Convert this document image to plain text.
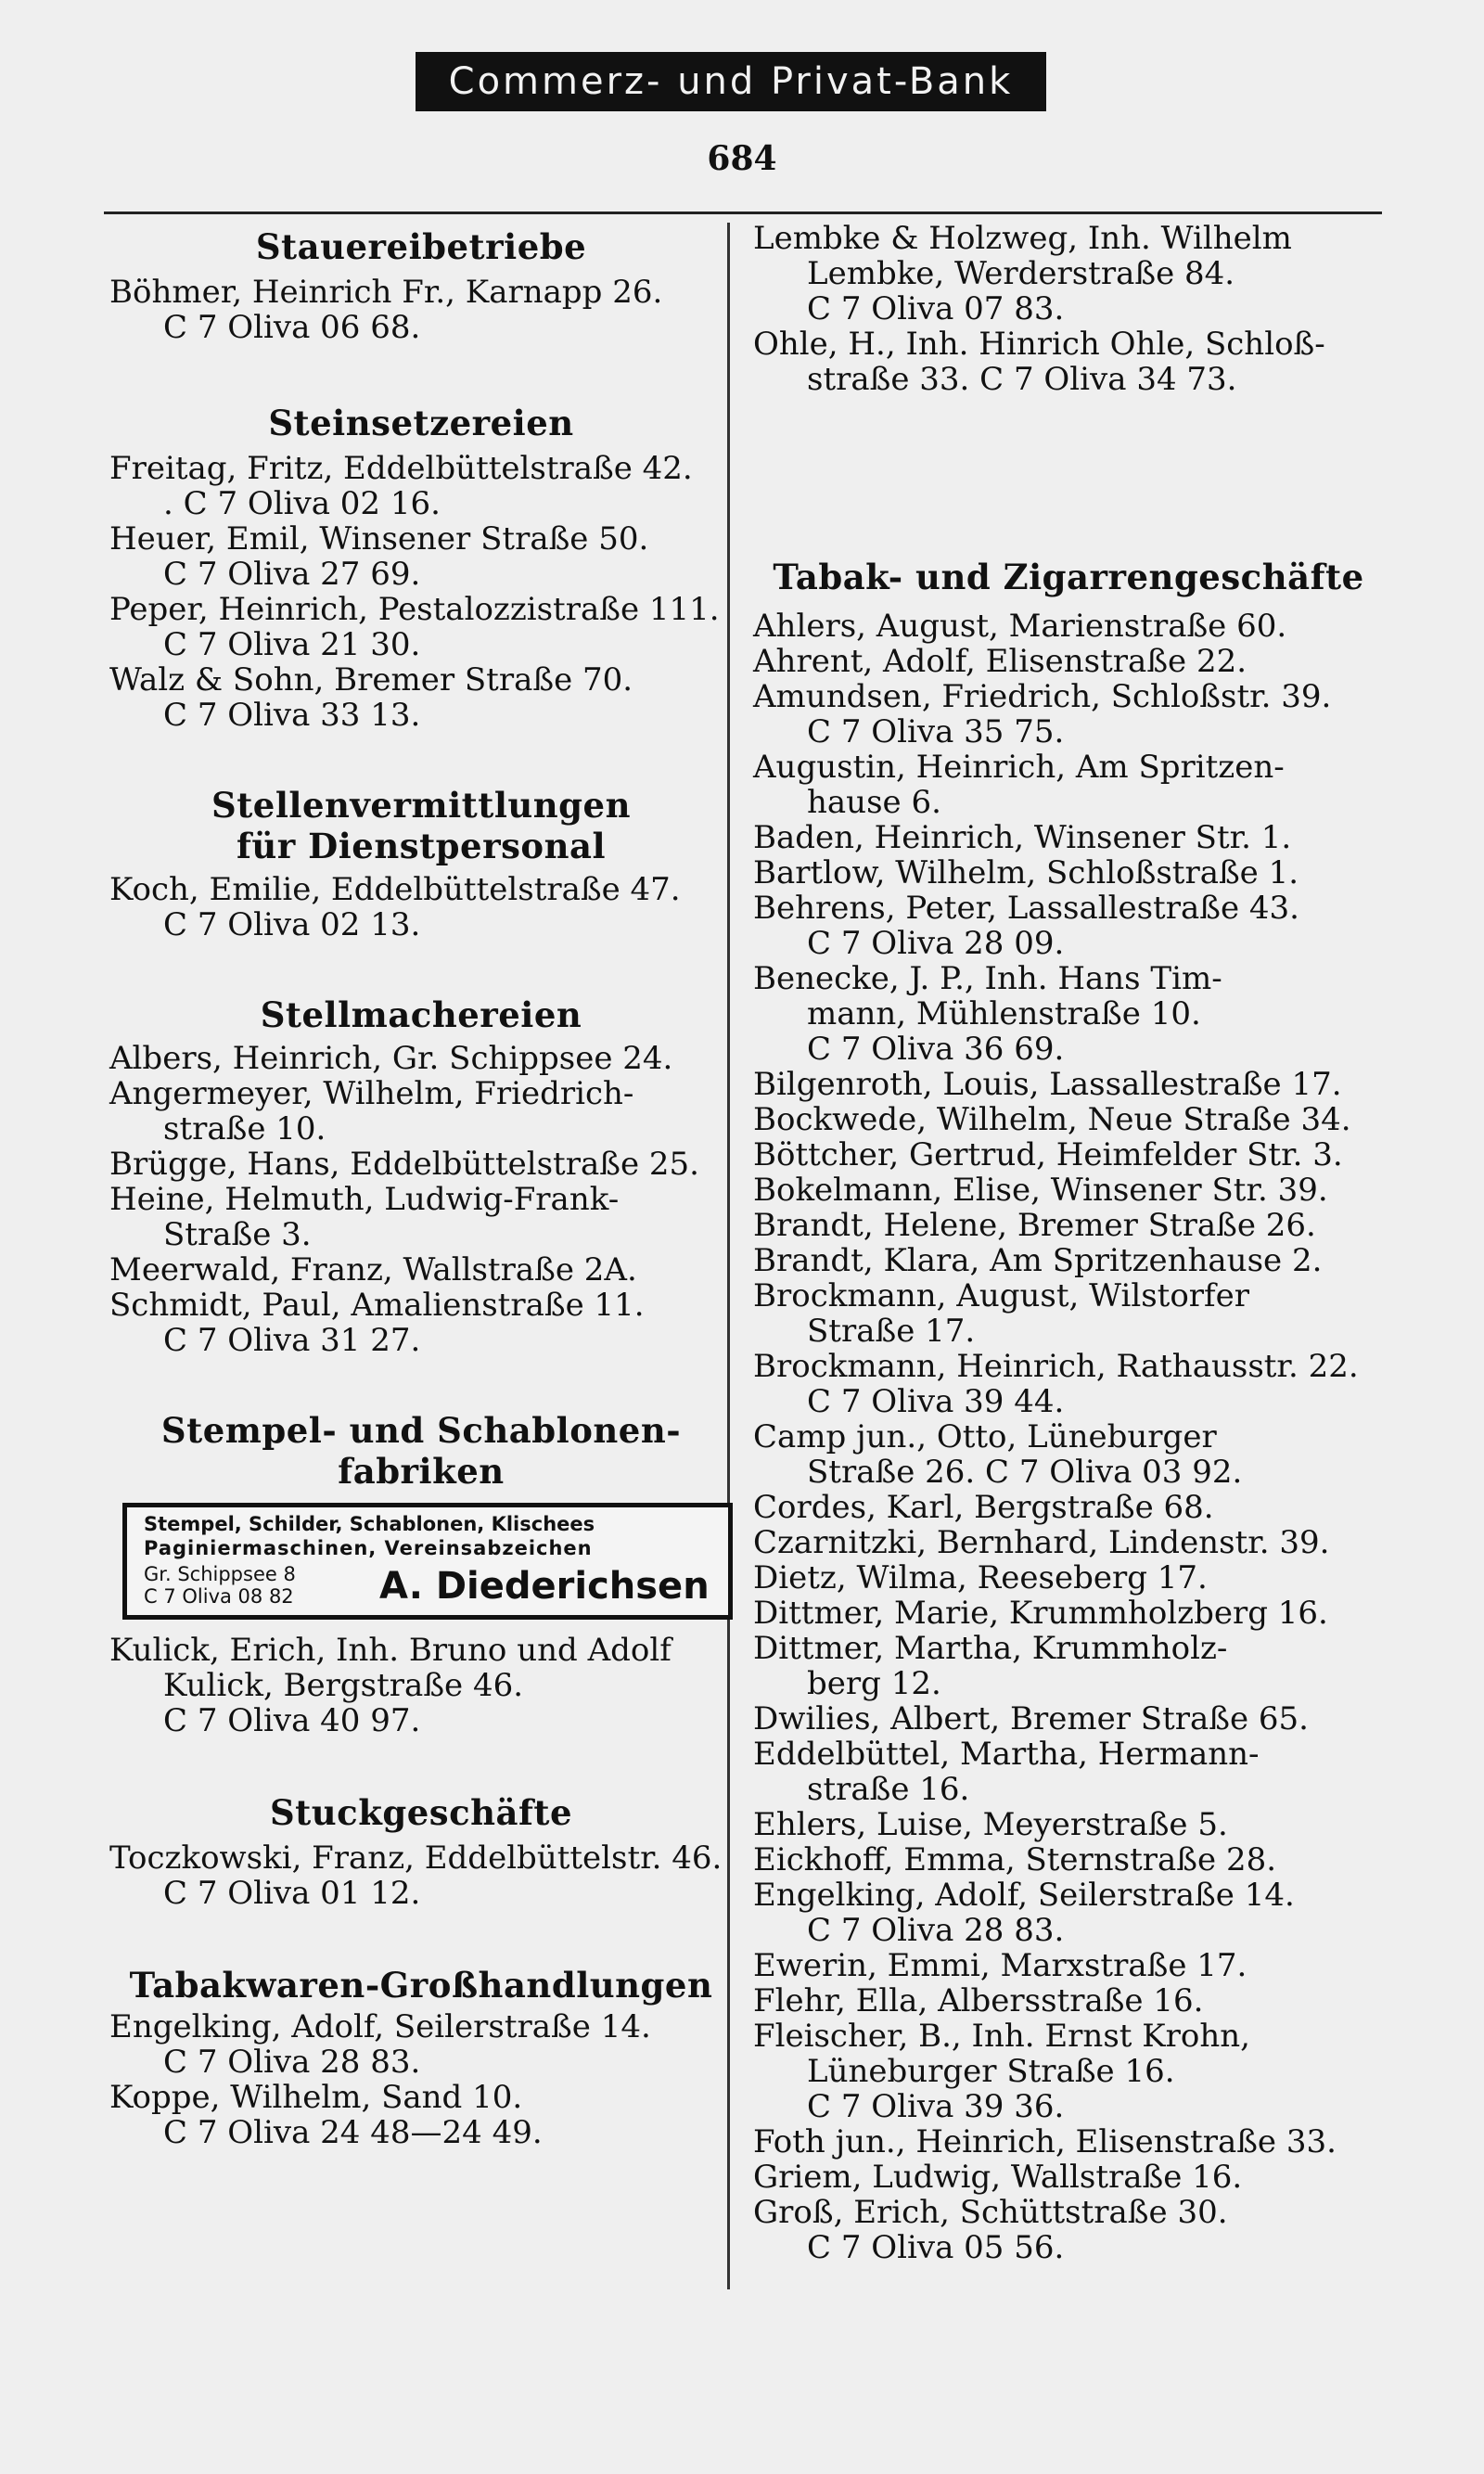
Commerz- und Privat-Bank
684
Stauereibetriebe
Böhmer, Heinrich Fr., Karnapp 26.
C 7 Oliva 06 68.
Steinsetzereien
Freitag, Fritz, Eddelbüttelstraße 42.
. C 7 Oliva 02 16.
Heuer, Emil, Winsener Straße 50.
C 7 Oliva 27 69.
Peper, Heinrich, Pestalozzistraße 111.
C 7 Oliva 21 30.
Walz & Sohn, Bremer Straße 70.
C 7 Oliva 33 13.
Stellenvermittlungen
für Dienstpersonal
Koch, Emilie, Eddelbüttelstraße 47.
C 7 Oliva 02 13.
Stellmachereien
Albers, Heinrich, Gr. Schippsee 24.
Angermeyer, Wilhelm, Friedrich-
straße 10.
Brügge, Hans, Eddelbüttelstraße 25.
Heine, Helmuth, Ludwig-Frank-
Straße 3.
Meerwald, Franz, Wallstraße 2A.
Schmidt, Paul, Amalienstraße 11.
C 7 Oliva 31 27.
Stempel- und Schablonen-
fabriken
Stempel, Schilder, Schablonen, Klischees
Paginiermaschinen, Vereinsabzeichen
Gr. Schippsee 8
C 7 Oliva 08 82 A. Diederichsen
Kulick, Erich, Inh. Bruno und Adolf
Kulick, Bergstraße 46.
C 7 Oliva 40 97.
Stuckgeschäfte
Toczkowski, Franz, Eddelbüttelstr. 46.
C 7 Oliva 01 12.
Tabakwaren-Großhandlungen
Engelking, Adolf, Seilerstraße 14.
C 7 Oliva 28 83.
Koppe, Wilhelm, Sand 10.
C 7 Oliva 24 48—24 49.
Lembke & Holzweg, Inh. Wilhelm
Lembke, Werderstraße 84.
C 7 Oliva 07 83.
Ohle, H., Inh. Hinrich Ohle, Schloß-
straße 33. C 7 Oliva 34 73.
Tabak- und Zigarrengeschäfte
Ahlers, August, Marienstraße 60.
Ahrent, Adolf, Elisenstraße 22.
Amundsen, Friedrich, Schloßstr. 39.
C 7 Oliva 35 75.
Augustin, Heinrich, Am Spritzen-
hause 6.
Baden, Heinrich, Winsener Str. 1.
Bartlow, Wilhelm, Schloßstraße 1.
Behrens, Peter, Lassallestraße 43.
C 7 Oliva 28 09.
Benecke, J. P., Inh. Hans Tim-
mann, Mühlenstraße 10.
C 7 Oliva 36 69.
Bilgenroth, Louis, Lassallestraße 17.
Bockwede, Wilhelm, Neue Straße 34.
Böttcher, Gertrud, Heimfelder Str. 3.
Bokelmann, Elise, Winsener Str. 39.
Brandt, Helene, Bremer Straße 26.
Brandt, Klara, Am Spritzenhause 2.
Brockmann, August, Wilstorfer
Straße 17.
Brockmann, Heinrich, Rathausstr. 22.
C 7 Oliva 39 44.
Camp jun., Otto, Lüneburger
Straße 26. C 7 Oliva 03 92.
Cordes, Karl, Bergstraße 68.
Czarnitzki, Bernhard, Lindenstr. 39.
Dietz, Wilma, Reeseberg 17.
Dittmer, Marie, Krummholzberg 16.
Dittmer, Martha, Krummholz-
berg 12.
Dwilies, Albert, Bremer Straße 65.
Eddelbüttel, Martha, Hermann-
straße 16.
Ehlers, Luise, Meyerstraße 5.
Eickhoff, Emma, Sternstraße 28.
Engelking, Adolf, Seilerstraße 14.
C 7 Oliva 28 83.
Ewerin, Emmi, Marxstraße 17.
Flehr, Ella, Albersstraße 16.
Fleischer, B., Inh. Ernst Krohn,
Lüneburger Straße 16.
C 7 Oliva 39 36.
Foth jun., Heinrich, Elisenstraße 33.
Griem, Ludwig, Wallstraße 16.
Groß, Erich, Schüttstraße 30.
C 7 Oliva 05 56.
